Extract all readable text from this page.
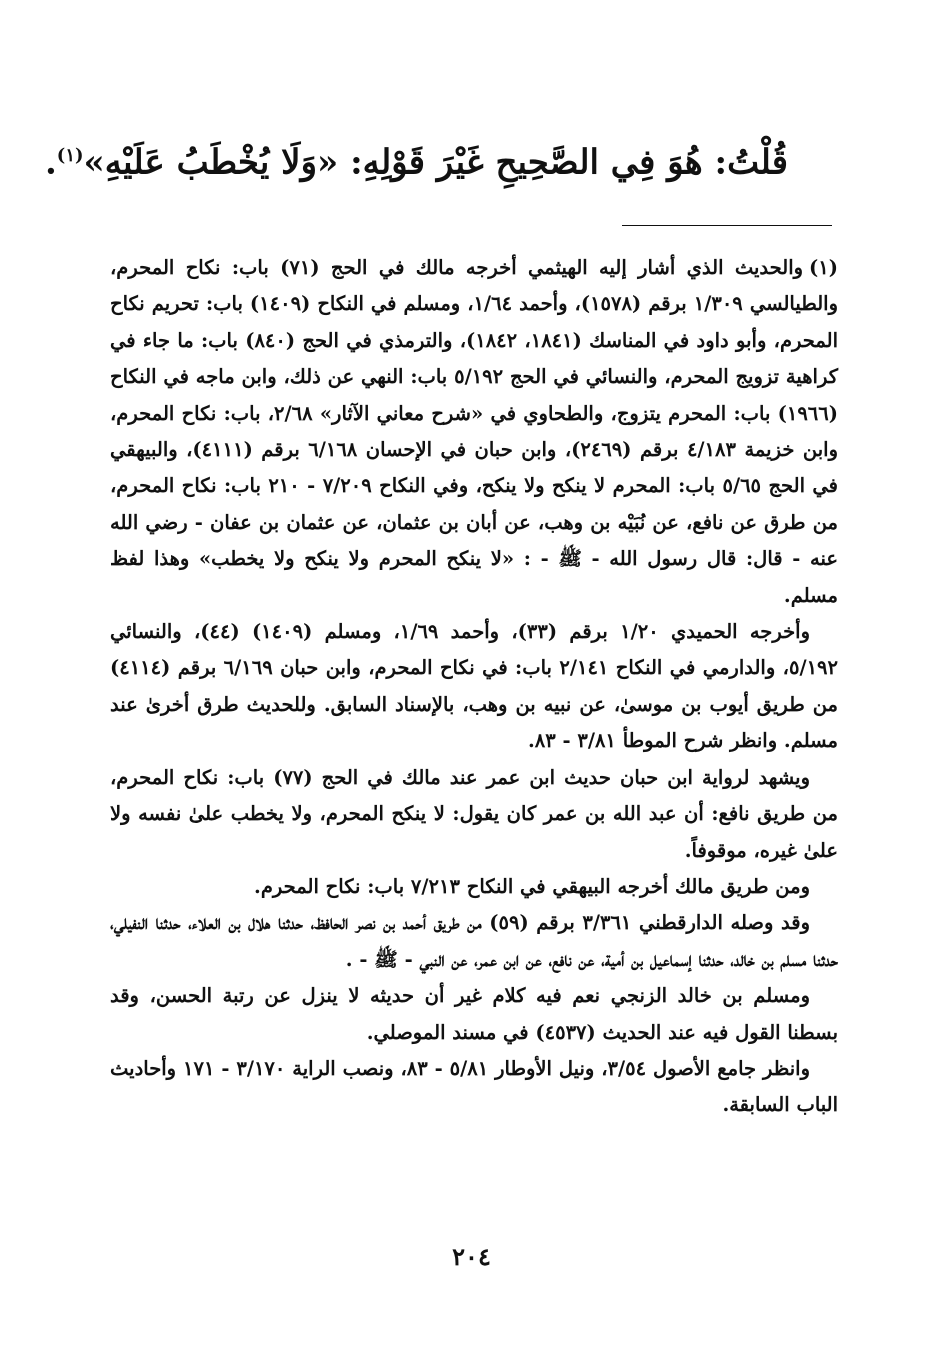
قُلْتُ: هُوَ فِي الصَّحِيحِ غَيْرَ قَوْلِهِ: «وَلَا يُخْطَبُ عَلَيْهِ»$^{(١)}$.

(١)والحديث الذي أشار إليه الهيثمي أخرجه مالك في الحج (٧١) باب: نكاح المحرم، والطيالسي ١/٣٠٩ برقم (١٥٧٨)، وأحمد ١/٦٤، ومسلم في النكاح (١٤٠٩) باب: تحريم نكاح المحرم، وأبو داود في المناسك (١٨٤١، ١٨٤٢)، والترمذي في الحج (٨٤٠) باب: ما جاء في كراهية تزويج المحرم، والنسائي في الحج ٥/١٩٢ باب: النهي عن ذلك، وابن ماجه في النكاح (١٩٦٦) باب: المحرم يتزوج، والطحاوي في «شرح معاني الآثار» ٢/٦٨، باب: نكاح المحرم، وابن خزيمة ٤/١٨٣ برقم (٢٤٦٩)، وابن حبان في الإحسان ٦/١٦٨ برقم (٤١١١)، والبيهقي في الحج ٥/٦٥ باب: المحرم لا ينكح ولا ينكح، وفي النكاح ٧/٢٠٩ - ٢١٠ باب: نكاح المحرم، من طرق عن نافع، عن نُبَيْه بن وهب، عن أبان بن عثمان، عن عثمان بن عفان - رضي الله عنه - قال: قال رسول الله - ﷺ - : «لا ينكح المحرم ولا ينكح ولا يخطب» وهذا لفظ مسلم.

وأخرجه الحميدي ١/٢٠ برقم (٣٣)، وأحمد ١/٦٩، ومسلم (١٤٠٩) (٤٤)، والنسائي ٥/١٩٢، والدارمي في النكاح ٢/١٤١ باب: في نكاح المحرم، وابن حبان ٦/١٦٩ برقم (٤١١٤) من طريق أيوب بن موسىٰ، عن نبيه بن وهب، بالإسناد السابق. وللحديث طرق أخرىٰ عند مسلم. وانظر شرح الموطأ ٣/٨١ - ٨٣.

ويشهد لرواية ابن حبان حديث ابن عمر عند مالك في الحج (٧٧) باب: نكاح المحرم، من طريق نافع: أن عبد الله بن عمر كان يقول: لا ينكح المحرم، ولا يخطب علىٰ نفسه ولا علىٰ غيره، موقوفاً.

ومن طريق مالك أخرجه البيهقي في النكاح ٧/٢١٣ باب: نكاح المحرم.

وقد وصله الدارقطني ٣/٣٦١ برقم (٥٩) من طريق أحمد بن نصر الحافظ، حدثنا هلال بن العلاء، حدثنا النفيلي، حدثنا مسلم بن خالد، حدثنا إسماعيل بن أمية، عن نافع، عن ابن عمر، عن النبي - ﷺ - .

ومسلم بن خالد الزنجي نعم فيه كلام غير أن حديثه لا ينزل عن رتبة الحسن، وقد بسطنا القول فيه عند الحديث (٤٥٣٧) في مسند الموصلي.

وانظر جامع الأصول ٣/٥٤، ونيل الأوطار ٥/٨١ - ٨٣، ونصب الراية ٣/١٧٠ - ١٧١ وأحاديث الباب السابقة.

٢٠٤
